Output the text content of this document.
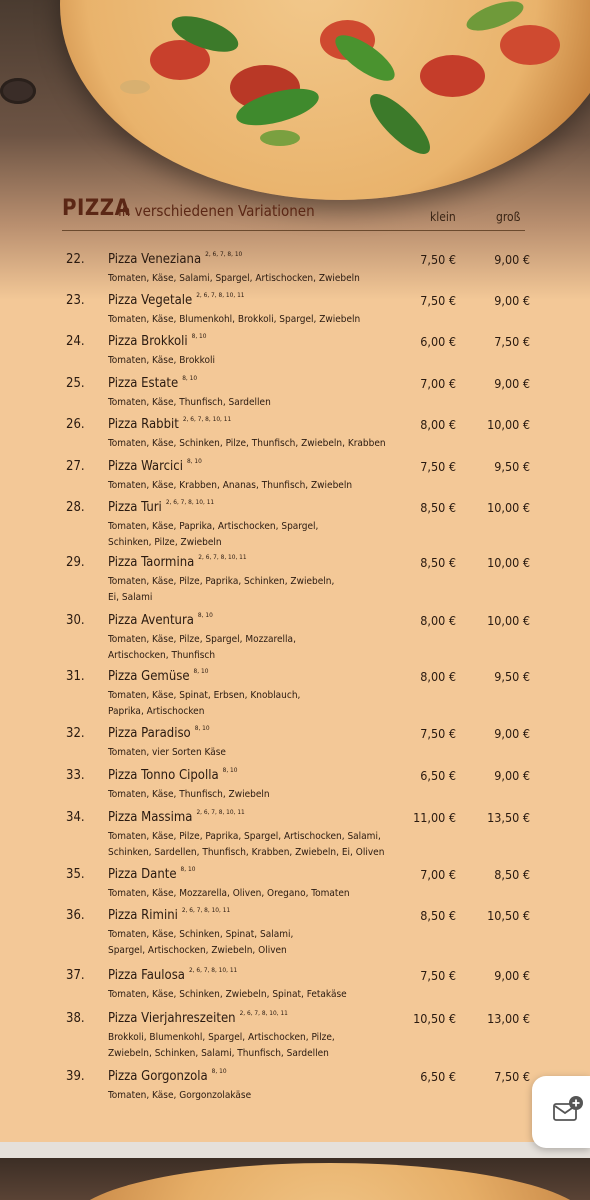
PIZZA
in verschiedenen Variationen	klein	groß
22. Pizza Veneziana $^{2, 6, 7, 8, 10}$
Tomaten, Käse, Salami, Spargel, Artischocken, Zwiebeln
7,50 €	9,00 €
23. Pizza Vegetale $^{2, 6, 7, 8, 10, 11}$
Tomaten, Käse, Blumenkohl, Brokkoli, Spargel, Zwiebeln
7,50 €	9,00 €
24. Pizza Brokkoli $^{8, 10}$
Tomaten, Käse, Brokkoli
6,00 €	7,50 €
25. Pizza Estate $^{8, 10}$
Tomaten, Käse, Thunfisch, Sardellen
7,00 €	9,00 €
26. Pizza Rabbit $^{2, 6, 7, 8, 10, 11}$
Tomaten, Käse, Schinken, Pilze, Thunfisch, Zwiebeln, Krabben
8,00 €	10,00 €
27. Pizza Warcici $^{8, 10}$
Tomaten, Käse, Krabben, Ananas, Thunfisch, Zwiebeln
7,50 €	9,50 €
28. Pizza Turi $^{2, 6, 7, 8, 10, 11}$
Tomaten, Käse, Paprika, Artischocken, Spargel,
Schinken, Pilze, Zwiebeln
8,50 €	10,00 €
29. Pizza Taormina $^{2, 6, 7, 8, 10, 11}$
Tomaten, Käse, Pilze, Paprika, Schinken, Zwiebeln,
Ei, Salami
8,50 €	10,00 €
30. Pizza Aventura $^{8, 10}$
Tomaten, Käse, Pilze, Spargel, Mozzarella,
Artischocken, Thunfisch
8,00 €	10,00 €
31. Pizza Gemüse $^{8, 10}$
Tomaten, Käse, Spinat, Erbsen, Knoblauch,
Paprika, Artischocken
8,00 €	9,50 €
32. Pizza Paradiso $^{8, 10}$
Tomaten, vier Sorten Käse
7,50 €	9,00 €
33. Pizza Tonno Cipolla $^{8, 10}$
Tomaten, Käse, Thunfisch, Zwiebeln
6,50 €	9,00 €
34. Pizza Massima $^{2, 6, 7, 8, 10, 11}$
Tomaten, Käse, Pilze, Paprika, Spargel, Artischocken, Salami,
Schinken, Sardellen, Thunfisch, Krabben, Zwiebeln, Ei, Oliven
11,00 €	13,50 €
35. Pizza Dante $^{8, 10}$
Tomaten, Käse, Mozzarella, Oliven, Oregano, Tomaten
7,00 €	8,50 €
36. Pizza Rimini $^{2, 6, 7, 8, 10, 11}$
Tomaten, Käse, Schinken, Spinat, Salami,
Spargel, Artischocken, Zwiebeln, Oliven
8,50 €	10,50 €
37. Pizza Faulosa $^{2, 6, 7, 8, 10, 11}$
Tomaten, Käse, Schinken, Zwiebeln, Spinat, Fetakäse
7,50 €	9,00 €
38. Pizza Vierjahreszeiten $^{2, 6, 7, 8, 10, 11}$
Brokkoli, Blumenkohl, Spargel, Artischocken, Pilze,
Zwiebeln, Schinken, Salami, Thunfisch, Sardellen
10,50 €	13,00 €
39. Pizza Gorgonzola $^{8, 10}$
Tomaten, Käse, Gorgonzolakäse
6,50 €	7,50 €
